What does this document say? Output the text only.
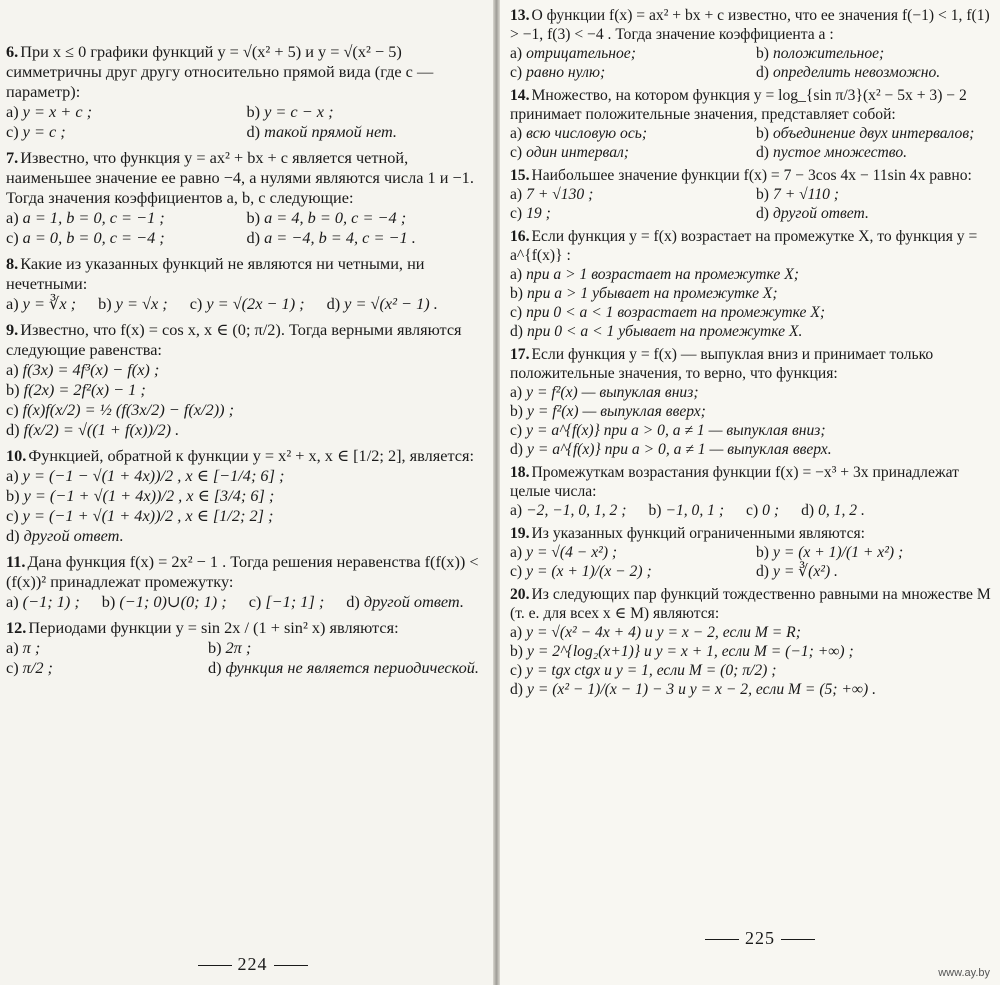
6. При x ≤ 0 графики функций y = √(x² + 5) и y = √(x² − 5) симметричны друг другу относительно прямой вида (где c — параметр):
a) y = x + c ;	b) y = c − x ;
c) y = c ;	d) такой прямой нет.
7. Известно, что функция y = ax² + bx + c является четной, наименьшее значение ее равно −4, а нулями являются числа 1 и −1. Тогда значения коэффициентов a, b, c следующие:
a) a = 1, b = 0, c = −1 ;	b) a = 4, b = 0, c = −4 ;
c) a = 0, b = 0, c = −4 ;	d) a = −4, b = 4, c = −1 .
8. Какие из указанных функций не являются ни четными, ни нечетными:
a) y = ∛x ; b) y = √x ; c) y = √(2x − 1) ; d) y = √(x² − 1) .
9. Известно, что f(x) = cos x, x ∈ (0; π/2). Тогда верными являются следующие равенства:
a) f(3x) = 4f³(x) − f(x) ;
b) f(2x) = 2f²(x) − 1 ;
c) f(x)f(x/2) = ½ (f(3x/2) − f(x/2)) ;
d) f(x/2) = √((1 + f(x))/2) .
10. Функцией, обратной к функции y = x² + x, x ∈ [1/2; 2], является:
a) y = (−1 − √(1 + 4x))/2 , x ∈ [−1/4; 6] ;
b) y = (−1 + √(1 + 4x))/2 , x ∈ [3/4; 6] ;
c) y = (−1 + √(1 + 4x))/2 , x ∈ [1/2; 2] ;
d) другой ответ.
11. Дана функция f(x) = 2x² − 1 . Тогда решения неравенства f(f(x)) < (f(x))² принадлежат промежутку:
a) (−1; 1) ; b) (−1; 0)∪(0; 1) ; c) [−1; 1] ; d) другой ответ.
12. Периодами функции y = sin 2x / (1 + sin² x) являются:
a) π ;	b) 2π ;
c) π/2 ;	d) функция не является периодической.
224
13. О функции f(x) = ax² + bx + c известно, что ее значения f(−1) < 1, f(1) > −1, f(3) < −4 . Тогда значение коэффициента a :
a) отрицательное;	b) положительное;
c) равно нулю;	d) определить невозможно.
14. Множество, на котором функция y = log_{sin π/3}(x² − 5x + 3) − 2 принимает положительные значения, представляет собой:
a) всю числовую ось;	b) объединение двух интервалов;
c) один интервал;	d) пустое множество.
15. Наибольшее значение функции f(x) = 7 − 3cos 4x − 11sin 4x равно:
a) 7 + √130 ;	b) 7 + √110 ;
c) 19 ;	d) другой ответ.
16. Если функция y = f(x) возрастает на промежутке X, то функция y = a^{f(x)} :
a) при a > 1 возрастает на промежутке X;
b) при a > 1 убывает на промежутке X;
c) при 0 < a < 1 возрастает на промежутке X;
d) при 0 < a < 1 убывает на промежутке X.
17. Если функция y = f(x) — выпуклая вниз и принимает только положительные значения, то верно, что функция:
a) y = f²(x) — выпуклая вниз;
b) y = f²(x) — выпуклая вверх;
c) y = a^{f(x)} при a > 0, a ≠ 1 — выпуклая вниз;
d) y = a^{f(x)} при a > 0, a ≠ 1 — выпуклая вверх.
18. Промежуткам возрастания функции f(x) = −x³ + 3x принадлежат целые числа:
a) −2, −1, 0, 1, 2 ; b) −1, 0, 1 ; c) 0 ; d) 0, 1, 2 .
19. Из указанных функций ограниченными являются:
a) y = √(4 − x²) ;	b) y = (x + 1)/(1 + x²) ;
c) y = (x + 1)/(x − 2) ;	d) y = ∛(x²) .
20. Из следующих пар функций тождественно равными на множестве M (т. е. для всех x ∈ M) являются:
a) y = √(x² − 4x + 4) и y = x − 2, если M = R;
b) y = 2^{log₂(x+1)} и y = x + 1, если M = (−1; +∞) ;
c) y = tgx ctgx и y = 1, если M = (0; π/2) ;
d) y = (x² − 1)/(x − 1) − 3 и y = x − 2, если M = (5; +∞) .
225
www.ay.by
